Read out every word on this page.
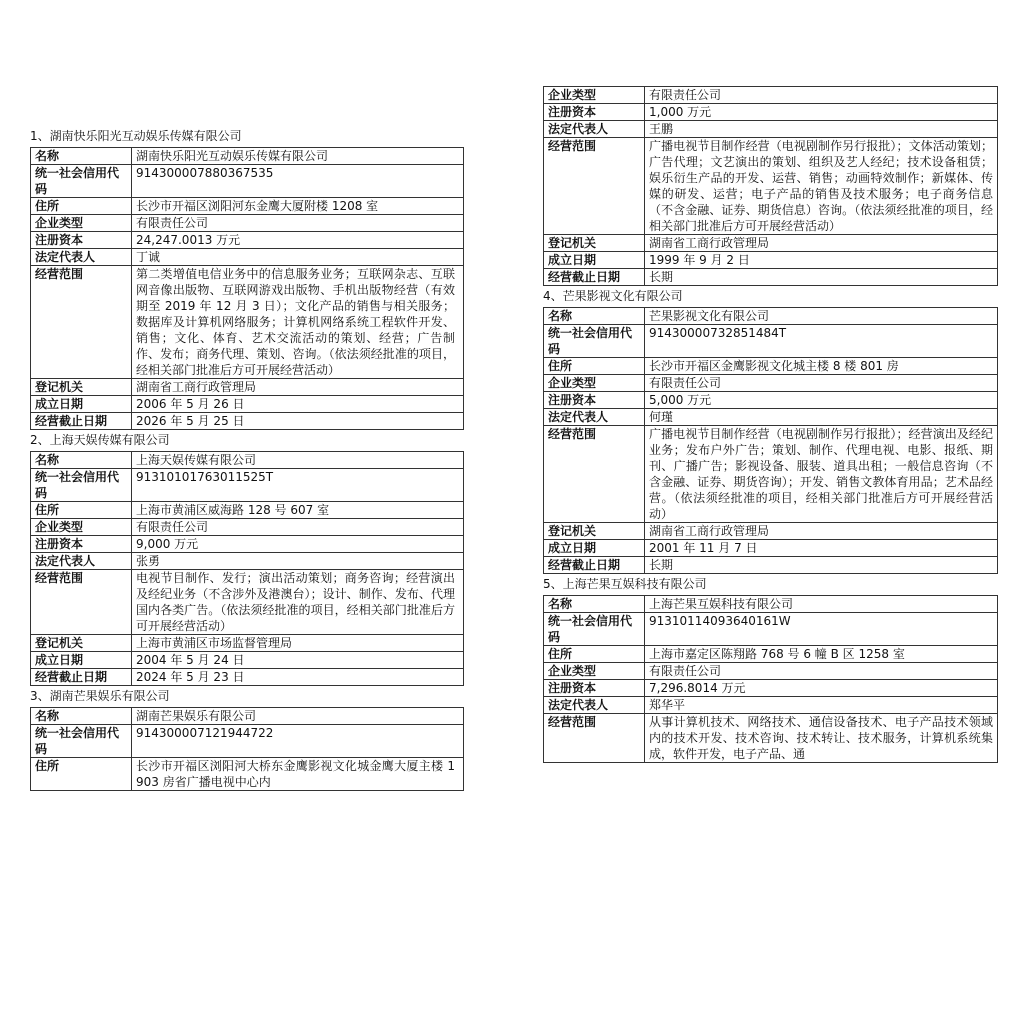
1、湖南快乐阳光互动娱乐传媒有限公司
名称	湖南快乐阳光互动娱乐传媒有限公司
统一社会信用代码	914300007880367535
住所	长沙市开福区浏阳河东金鹰大厦附楼 1208 室
企业类型	有限责任公司
注册资本	24,247.0013 万元
法定代表人	丁诚
经营范围	第二类增值电信业务中的信息服务业务；互联网杂志、互联网音像出版物、互联网游戏出版物、手机出版物经营（有效期至 2019 年 12 月 3 日）；文化产品的销售与相关服务；数据库及计算机网络服务；计算机网络系统工程软件开发、销售；文化、体育、艺术交流活动的策划、经营；广告制作、发布；商务代理、策划、咨询。（依法须经批准的项目，经相关部门批准后方可开展经营活动）
登记机关	湖南省工商行政管理局
成立日期	2006 年 5 月 26 日
经营截止日期	2026 年 5 月 25 日
2、上海天娱传媒有限公司
名称	上海天娱传媒有限公司
统一社会信用代码	91310101763011525T
住所	上海市黄浦区威海路 128 号 607 室
企业类型	有限责任公司
注册资本	9,000 万元
法定代表人	张勇
经营范围	电视节目制作、发行；演出活动策划；商务咨询；经营演出及经纪业务（不含涉外及港澳台）；设计、制作、发布、代理国内各类广告。（依法须经批准的项目，经相关部门批准后方可开展经营活动）
登记机关	上海市黄浦区市场监督管理局
成立日期	2004 年 5 月 24 日
经营截止日期	2024 年 5 月 23 日
3、湖南芒果娱乐有限公司
名称	湖南芒果娱乐有限公司
统一社会信用代码	914300007121944722
住所	长沙市开福区浏阳河大桥东金鹰影视文化城金鹰大厦主楼 1903 房省广播电视中心内
企业类型	有限责任公司
注册资本	1,000 万元
法定代表人	王鹏
经营范围	广播电视节目制作经营（电视剧制作另行报批）；文体活动策划；广告代理；文艺演出的策划、组织及艺人经纪；技术设备租赁；娱乐衍生产品的开发、运营、销售；动画特效制作；新媒体、传媒的研发、运营；电子产品的销售及技术服务；电子商务信息（不含金融、证券、期货信息）咨询。（依法须经批准的项目，经相关部门批准后方可开展经营活动）
登记机关	湖南省工商行政管理局
成立日期	1999 年 9 月 2 日
经营截止日期	长期
4、芒果影视文化有限公司
名称	芒果影视文化有限公司
统一社会信用代码	91430000732851484T
住所	长沙市开福区金鹰影视文化城主楼 8 楼 801 房
企业类型	有限责任公司
注册资本	5,000 万元
法定代表人	何瑾
经营范围	广播电视节目制作经营（电视剧制作另行报批）；经营演出及经纪业务；发布户外广告；策划、制作、代理电视、电影、报纸、期刊、广播广告；影视设备、服装、道具出租；一般信息咨询（不含金融、证券、期货咨询）；开发、销售文教体育用品；艺术品经营。（依法须经批准的项目，经相关部门批准后方可开展经营活动）
登记机关	湖南省工商行政管理局
成立日期	2001 年 11 月 7 日
经营截止日期	长期
5、上海芒果互娱科技有限公司
名称	上海芒果互娱科技有限公司
统一社会信用代码	91310114093640161W
住所	上海市嘉定区陈翔路 768 号 6 幢 B 区 1258 室
企业类型	有限责任公司
注册资本	7,296.8014 万元
法定代表人	郑华平
经营范围	从事计算机技术、网络技术、通信设备技术、电子产品技术领域内的技术开发、技术咨询、技术转让、技术服务，计算机系统集成，软件开发，电子产品、通
